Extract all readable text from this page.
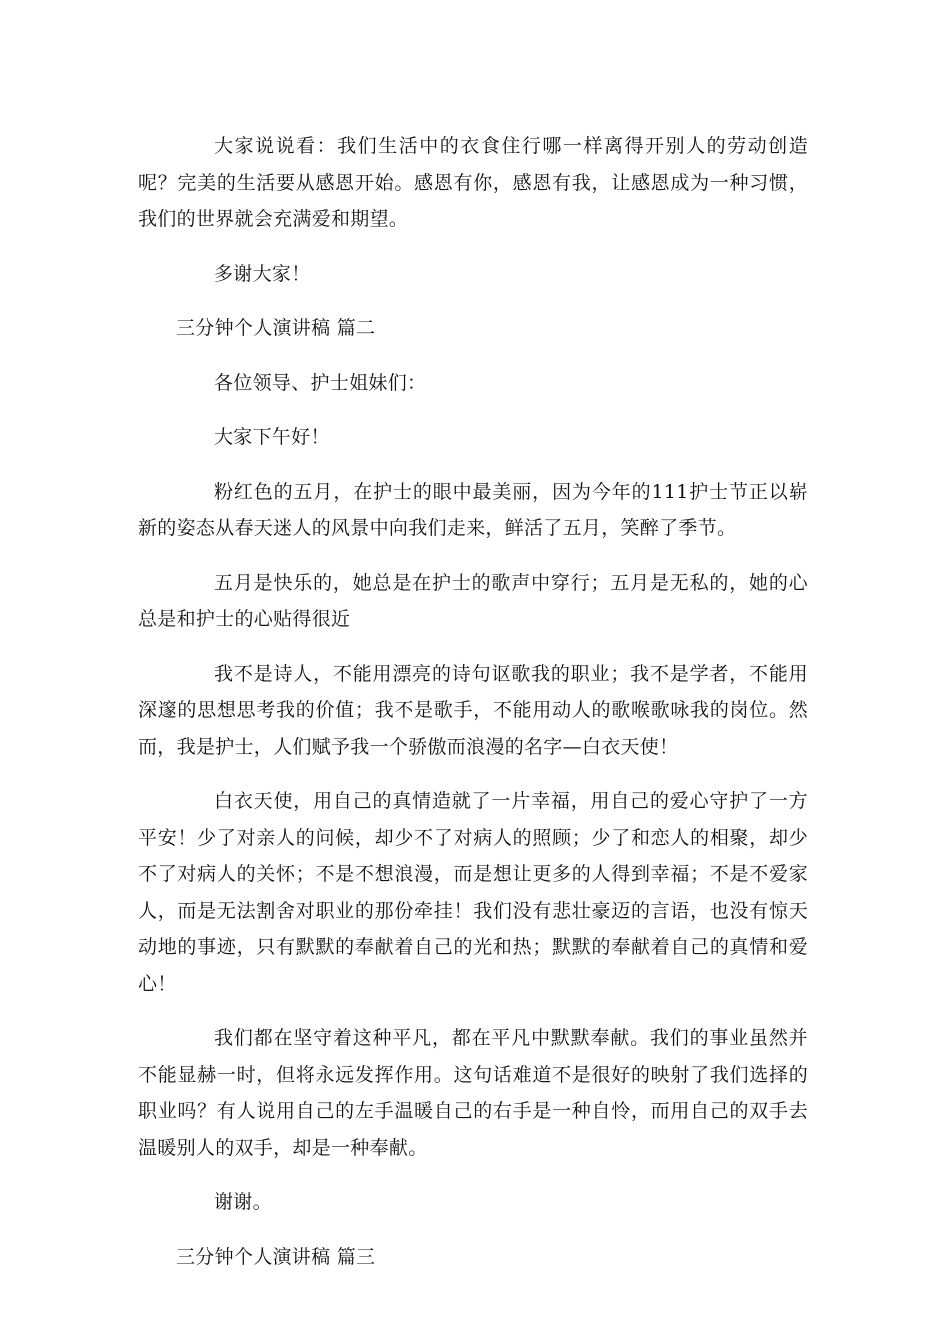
大家说说看：我们生活中的衣食住行哪一样离得开别人的劳动创造呢？完美的生活要从感恩开始。感恩有你，感恩有我，让感恩成为一种习惯，我们的世界就会充满爱和期望。

多谢大家！

三分钟个人演讲稿 篇二

各位领导、护士姐妹们：

大家下午好！

粉红色的五月，在护士的眼中最美丽，因为今年的111护士节正以崭新的姿态从春天迷人的风景中向我们走来，鲜活了五月，笑醉了季节。

五月是快乐的，她总是在护士的歌声中穿行；五月是无私的，她的心总是和护士的心贴得很近

我不是诗人，不能用漂亮的诗句讴歌我的职业；我不是学者，不能用深邃的思想思考我的价值；我不是歌手，不能用动人的歌喉歌咏我的岗位。然而，我是护士，人们赋予我一个骄傲而浪漫的名字—白衣天使！

白衣天使，用自己的真情造就了一片幸福，用自己的爱心守护了一方平安！少了对亲人的问候，却少不了对病人的照顾；少了和恋人的相聚，却少不了对病人的关怀；不是不想浪漫，而是想让更多的人得到幸福；不是不爱家人，而是无法割舍对职业的那份牵挂！我们没有悲壮豪迈的言语，也没有惊天动地的事迹，只有默默的奉献着自己的光和热；默默的奉献着自己的真情和爱心！

我们都在坚守着这种平凡，都在平凡中默默奉献。我们的事业虽然并不能显赫一时，但将永远发挥作用。这句话难道不是很好的映射了我们选择的职业吗？有人说用自己的左手温暖自己的右手是一种自怜，而用自己的双手去温暖别人的双手，却是一种奉献。

谢谢。

三分钟个人演讲稿 篇三
